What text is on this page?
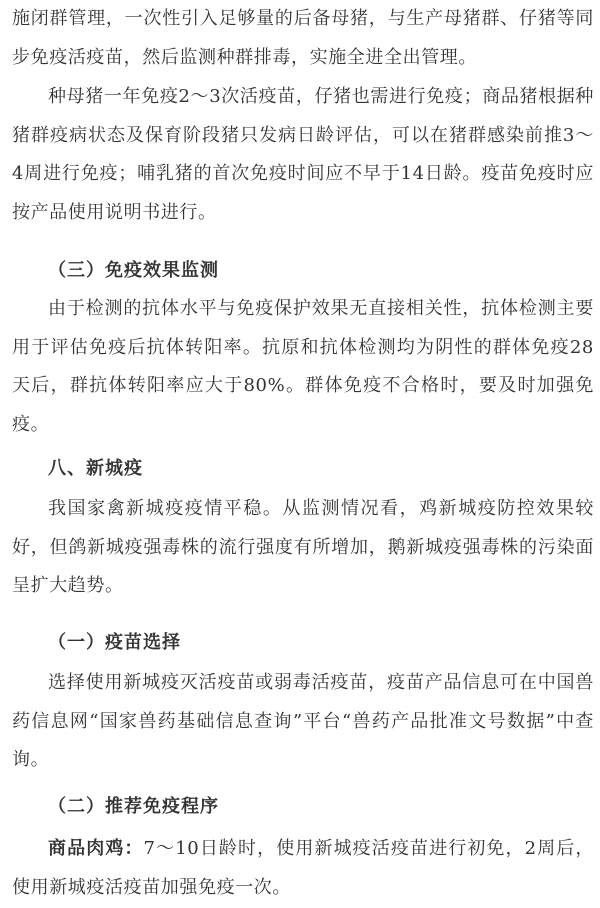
施闭群管理，一次性引入足够量的后备母猪，与生产母猪群、仔猪等同步免疫活疫苗，然后监测种群排毒，实施全进全出管理。

种母猪一年免疫2～3次活疫苗，仔猪也需进行免疫；商品猪根据种猪群疫病状态及保育阶段猪只发病日龄评估，可以在猪群感染前推3～4周进行免疫；哺乳猪的首次免疫时间应不早于14日龄。疫苗免疫时应按产品使用说明书进行。

（三）免疫效果监测

由于检测的抗体水平与免疫保护效果无直接相关性，抗体检测主要用于评估免疫后抗体转阳率。抗原和抗体检测均为阴性的群体免疫28天后，群抗体转阳率应大于80%。群体免疫不合格时，要及时加强免疫。

八、新城疫

我国家禽新城疫疫情平稳。从监测情况看，鸡新城疫防控效果较好，但鸽新城疫强毒株的流行强度有所增加，鹅新城疫强毒株的污染面呈扩大趋势。

（一）疫苗选择

选择使用新城疫灭活疫苗或弱毒活疫苗，疫苗产品信息可在中国兽药信息网“国家兽药基础信息查询”平台“兽药产品批准文号数据”中查询。

（二）推荐免疫程序

商品肉鸡：7～10日龄时，使用新城疫活疫苗进行初免，2周后，使用新城疫活疫苗加强免疫一次。
